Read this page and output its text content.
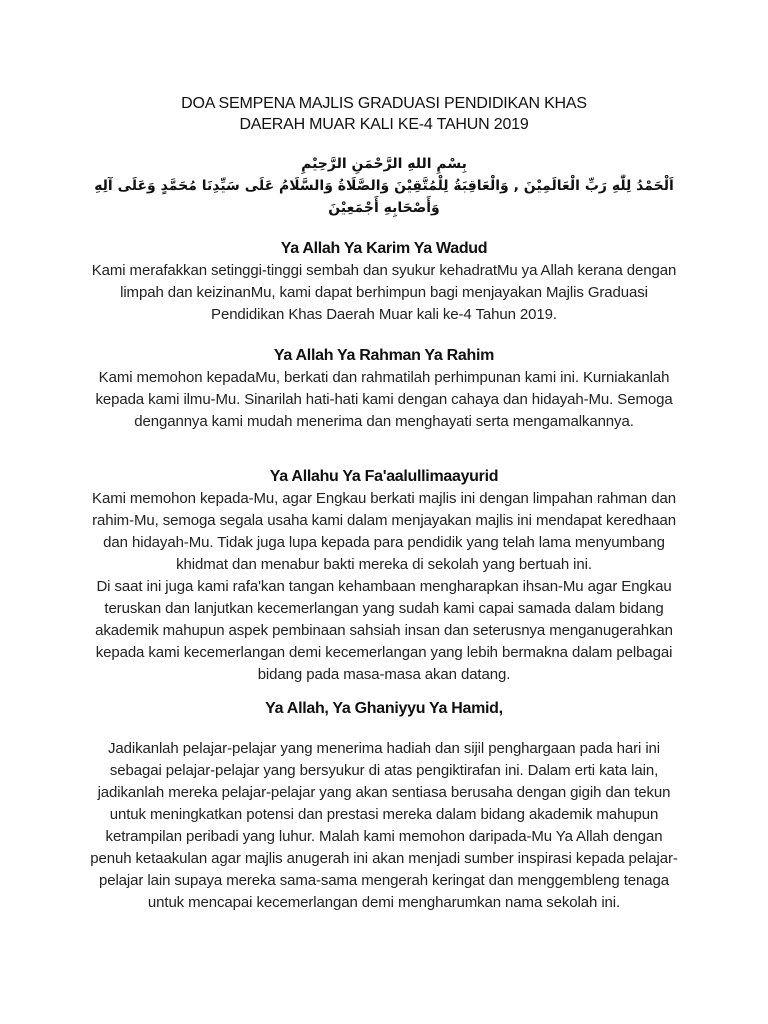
DOA SEMPENA MAJLIS GRADUASI PENDIDIKAN KHAS
DAERAH MUAR KALI KE-4 TAHUN 2019
بِسْمِ اللهِ الرَّحْمَنِ الرَّحِيْمِ
اَلْحَمْدُ لِلّٰهِ رَبِّ الْعَالَمِيْنَ , وَالْعَاقِبَةُ لِلْمُتَّقِيْنَ وَالصَّلَاةُ وَالسَّلَامُ عَلَى سَيِّدِنَا مُحَمَّدٍ وَعَلَى آلِهِ
وَأَصْحَابِهِ أَجْمَعِيْنَ
Ya Allah Ya Karim Ya Wadud

Kami merafakkan setinggi-tinggi sembah dan syukur kehadratMu ya Allah kerana dengan limpah dan keizinanMu, kami dapat berhimpun bagi menjayakan Majlis Graduasi Pendidikan Khas Daerah Muar kali ke-4 Tahun 2019.

Ya Allah Ya Rahman Ya Rahim

Kami memohon kepadaMu, berkati dan rahmatilah perhimpunan kami ini. Kurniakanlah kepada kami ilmu-Mu. Sinarilah hati-hati kami dengan cahaya dan hidayah-Mu. Semoga dengannya kami mudah menerima dan menghayati serta mengamalkannya.

Ya Allahu Ya Fa'aalullimaayurid

Kami memohon kepada-Mu, agar Engkau berkati majlis ini dengan limpahan rahman dan rahim-Mu, semoga segala usaha kami dalam menjayakan majlis ini mendapat keredhaan dan hidayah-Mu. Tidak juga lupa kepada para pendidik yang telah lama menyumbang khidmat dan menabur bakti mereka di sekolah yang bertuah ini.

Di saat ini juga kami rafa'kan tangan kehambaan mengharapkan ihsan-Mu agar Engkau teruskan dan lanjutkan kecemerlangan yang sudah kami capai samada dalam bidang akademik mahupun aspek pembinaan sahsiah insan dan seterusnya menganugerahkan kepada kami kecemerlangan demi kecemerlangan yang lebih bermakna dalam pelbagai bidang pada masa-masa akan datang.

Ya Allah, Ya Ghaniyyu Ya Hamid,

Jadikanlah pelajar-pelajar yang menerima hadiah dan sijil penghargaan pada hari ini sebagai pelajar-pelajar yang bersyukur di atas pengiktirafan ini. Dalam erti kata lain, jadikanlah mereka pelajar-pelajar yang akan sentiasa berusaha dengan gigih dan tekun untuk meningkatkan potensi dan prestasi mereka dalam bidang akademik mahupun ketrampilan peribadi yang luhur. Malah kami memohon daripada-Mu Ya Allah dengan penuh ketaakulan agar majlis anugerah ini akan menjadi sumber inspirasi kepada pelajar-pelajar lain supaya mereka sama-sama mengerah keringat dan menggembleng tenaga untuk mencapai kecemerlangan demi mengharumkan nama sekolah ini.
